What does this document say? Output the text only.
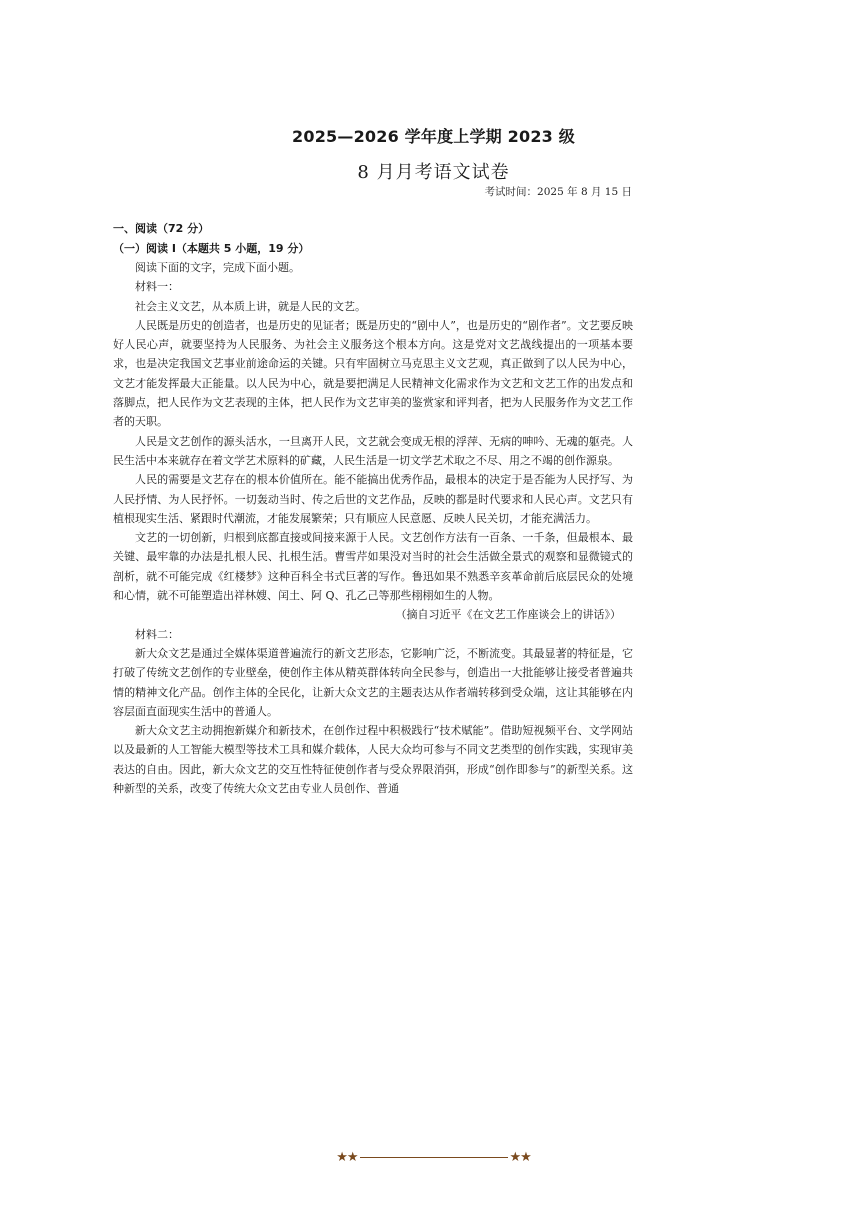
2025—2026 学年度上学期 2023 级
8 月月考语文试卷
考试时间：2025 年 8 月 15 日
一、阅读（72 分）
（一）阅读 I（本题共 5 小题，19 分）

阅读下面的文字，完成下面小题。

材料一：

社会主义文艺，从本质上讲，就是人民的文艺。

人民既是历史的创造者，也是历史的见证者；既是历史的“剧中人”，也是历史的“剧作者”。文艺要反映好人民心声，就要坚持为人民服务、为社会主义服务这个根本方向。这是党对文艺战线提出的一项基本要求，也是决定我国文艺事业前途命运的关键。只有牢固树立马克思主义文艺观，真正做到了以人民为中心，文艺才能发挥最大正能量。以人民为中心，就是要把满足人民精神文化需求作为文艺和文艺工作的出发点和落脚点，把人民作为文艺表现的主体，把人民作为文艺审美的鉴赏家和评判者，把为人民服务作为文艺工作者的天职。

人民是文艺创作的源头活水，一旦离开人民，文艺就会变成无根的浮萍、无病的呻吟、无魂的躯壳。人民生活中本来就存在着文学艺术原料的矿藏，人民生活是一切文学艺术取之不尽、用之不竭的创作源泉。

人民的需要是文艺存在的根本价值所在。能不能搞出优秀作品，最根本的决定于是否能为人民抒写、为人民抒情、为人民抒怀。一切轰动当时、传之后世的文艺作品，反映的都是时代要求和人民心声。文艺只有植根现实生活、紧跟时代潮流，才能发展繁荣；只有顺应人民意愿、反映人民关切，才能充满活力。

文艺的一切创新，归根到底都直接或间接来源于人民。文艺创作方法有一百条、一千条，但最根本、最关键、最牢靠的办法是扎根人民、扎根生活。曹雪芹如果没对当时的社会生活做全景式的观察和显微镜式的剖析，就不可能完成《红楼梦》这种百科全书式巨著的写作。鲁迅如果不熟悉辛亥革命前后底层民众的处境和心情，就不可能塑造出祥林嫂、闰土、阿 Q、孔乙己等那些栩栩如生的人物。

（摘自习近平《在文艺工作座谈会上的讲话》）

材料二：

新大众文艺是通过全媒体渠道普遍流行的新文艺形态，它影响广泛，不断流变。其最显著的特征是，它打破了传统文艺创作的专业壁垒，使创作主体从精英群体转向全民参与，创造出一大批能够让接受者普遍共情的精神文化产品。创作主体的全民化，让新大众文艺的主题表达从作者端转移到受众端，这让其能够在内容层面直面现实生活中的普通人。

新大众文艺主动拥抱新媒介和新技术，在创作过程中积极践行“技术赋能”。借助短视频平台、文学网站以及最新的人工智能大模型等技术工具和媒介载体，人民大众均可参与不同文艺类型的创作实践，实现审美表达的自由。因此，新大众文艺的交互性特征使创作者与受众界限消弭，形成“创作即参与”的新型关系。这种新型的关系，改变了传统大众文艺由专业人员创作、普通

★★	★★
